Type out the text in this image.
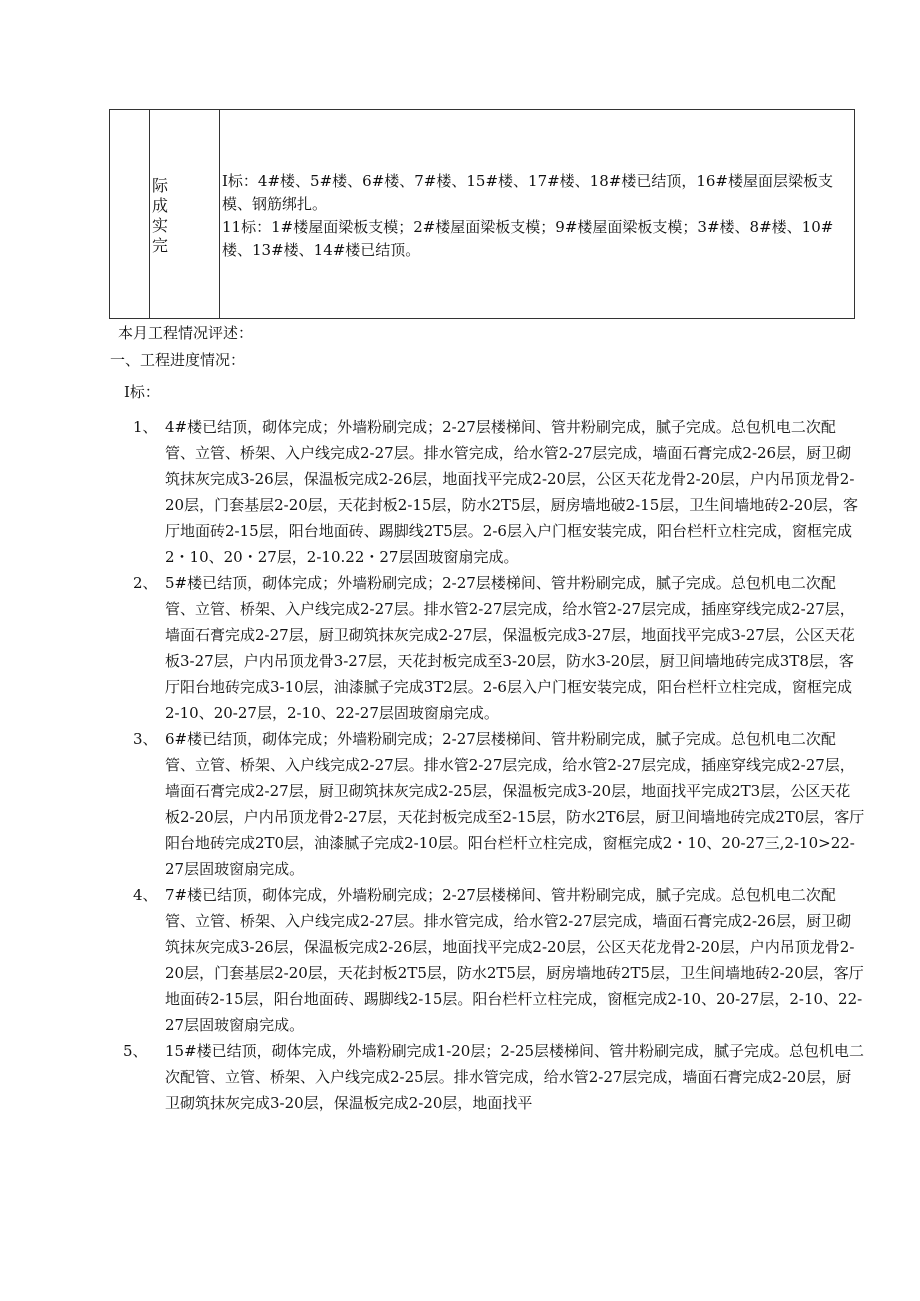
际
成
实
完

I标：4#楼、5#楼、6#楼、7#楼、15#楼、17#楼、18#楼已结顶，16#楼屋面层梁板支模、钢筋绑扎。

11标：1#楼屋面梁板支模；2#楼屋面梁板支模；9#楼屋面梁板支模；3#楼、8#楼、10#楼、13#楼、14#楼已结顶。

本月工程情况评述：
一、工程进度情况：
I标：
1、 4#楼已结顶，砌体完成；外墙粉刷完成；2-27层楼梯间、管井粉刷完成，腻子完成。总包机电二次配管、立管、桥架、入户线完成2-27层。排水管完成，给水管2-27层完成，墙面石膏完成2-26层，厨卫砌筑抹灰完成3-26层，保温板完成2-26层，地面找平完成2-20层，公区天花龙骨2-20层，户内吊顶龙骨2-20层，门套基层2-20层，天花封板2-15层，防水2T5层，厨房墙地破2-15层，卫生间墙地砖2-20层，客厅地面砖2-15层，阳台地面砖、踢脚线2T5层。2-6层入户门框安装完成，阳台栏杆立柱完成，窗框完成2・10、20・27层，2-10.22・27层固玻窗扇完成。
2、 5#楼已结顶，砌体完成；外墙粉刷完成；2-27层楼梯间、管井粉刷完成，腻子完成。总包机电二次配管、立管、桥架、入户线完成2-27层。排水管2-27层完成，给水管2-27层完成，插座穿线完成2-27层，墙面石膏完成2-27层，厨卫砌筑抹灰完成2-27层，保温板完成3-27层，地面找平完成3-27层，公区天花板3-27层，户内吊顶龙骨3-27层，天花封板完成至3-20层，防水3-20层，厨卫间墙地砖完成3T8层，客厅阳台地砖完成3-10层，油漆腻子完成3T2层。2-6层入户门框安装完成，阳台栏杆立柱完成，窗框完成2-10、20-27层，2-10、22-27层固玻窗扇完成。
3、 6#楼已结顶，砌体完成；外墙粉刷完成；2-27层楼梯间、管井粉刷完成，腻子完成。总包机电二次配管、立管、桥架、入户线完成2-27层。排水管2-27层完成，给水管2-27层完成，插座穿线完成2-27层，墙面石膏完成2-27层，厨卫砌筑抹灰完成2-25层，保温板完成3-20层，地面找平完成2T3层，公区天花板2-20层，户内吊顶龙骨2-27层，天花封板完成至2-15层，防水2T6层，厨卫间墙地砖完成2T0层，客厅阳台地砖完成2T0层，油漆腻子完成2-10层。阳台栏杆立柱完成，窗框完成2・10、20-27三,2-10>22-27层固玻窗扇完成。
4、 7#楼已结顶，砌体完成，外墙粉刷完成；2-27层楼梯间、管井粉刷完成，腻子完成。总包机电二次配管、立管、桥架、入户线完成2-27层。排水管完成，给水管2-27层完成，墙面石膏完成2-26层，厨卫砌筑抹灰完成3-26层，保温板完成2-26层，地面找平完成2-20层，公区天花龙骨2-20层，户内吊顶龙骨2-20层，门套基层2-20层，天花封板2T5层，防水2T5层，厨房墙地砖2T5层，卫生间墙地砖2-20层，客厅地面砖2-15层，阳台地面砖、踢脚线2-15层。阳台栏杆立柱完成，窗框完成2-10、20-27层，2-10、22-27层固玻窗扇完成。
5、	15#楼已结顶，砌体完成，外墙粉刷完成1-20层；2-25层楼梯间、管井粉刷完成，腻子完成。总包机电二次配管、立管、桥架、入户线完成2-25层。排水管完成，给水管2-27层完成，墙面石膏完成2-20层，厨卫砌筑抹灰完成3-20层，保温板完成2-20层，地面找平
